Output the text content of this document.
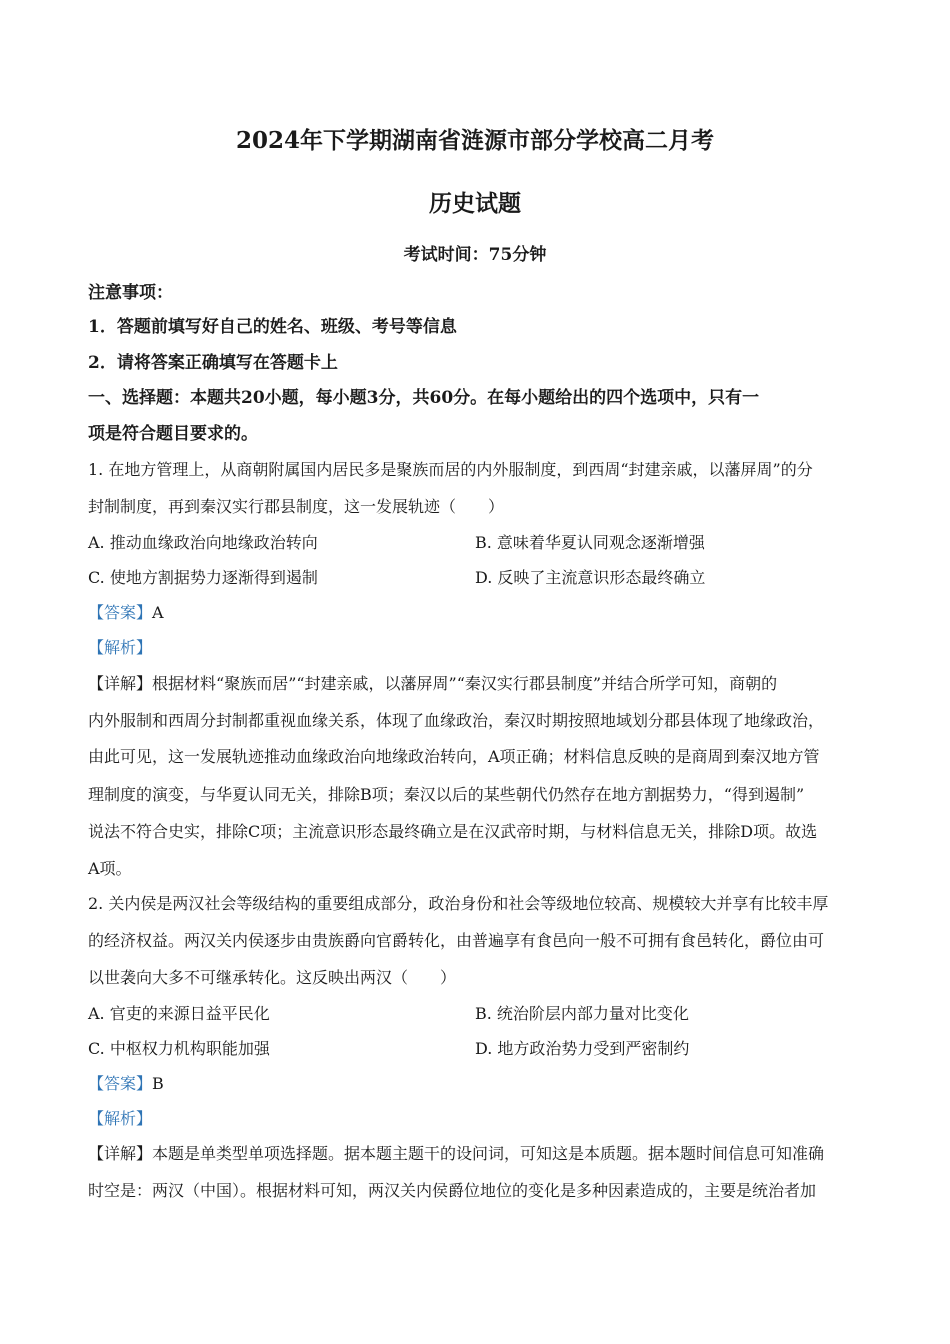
2024年下学期湖南省涟源市部分学校高二月考
历史试题
考试时间：75分钟
注意事项：
1．答题前填写好自己的姓名、班级、考号等信息
2．请将答案正确填写在答题卡上
一、选择题：本题共20小题，每小题3分，共60分。在每小题给出的四个选项中，只有一
项是符合题目要求的。
1. 在地方管理上，从商朝附属国内居民多是聚族而居的内外服制度，到西周“封建亲戚，以藩屏周”的分
封制制度，再到秦汉实行郡县制度，这一发展轨迹（　　）
A. 推动血缘政治向地缘政治转向	B. 意味着华夏认同观念逐渐增强
C. 使地方割据势力逐渐得到遏制	D. 反映了主流意识形态最终确立
【答案】A
【解析】
【详解】根据材料“聚族而居”“封建亲戚，以藩屏周”“秦汉实行郡县制度”并结合所学可知，商朝的
内外服制和西周分封制都重视血缘关系，体现了血缘政治，秦汉时期按照地域划分郡县体现了地缘政治，
由此可见，这一发展轨迹推动血缘政治向地缘政治转向，A项正确；材料信息反映的是商周到秦汉地方管
理制度的演变，与华夏认同无关，排除B项；秦汉以后的某些朝代仍然存在地方割据势力，“得到遏制”
说法不符合史实，排除C项；主流意识形态最终确立是在汉武帝时期，与材料信息无关，排除D项。故选
A项。
2. 关内侯是两汉社会等级结构的重要组成部分，政治身份和社会等级地位较高、规模较大并享有比较丰厚
的经济权益。两汉关内侯逐步由贵族爵向官爵转化，由普遍享有食邑向一般不可拥有食邑转化，爵位由可
以世袭向大多不可继承转化。这反映出两汉（　　）
A. 官吏的来源日益平民化	B. 统治阶层内部力量对比变化
C. 中枢权力机构职能加强	D. 地方政治势力受到严密制约
【答案】B
【解析】
【详解】本题是单类型单项选择题。据本题主题干的设问词，可知这是本质题。据本题时间信息可知准确
时空是：两汉（中国）。根据材料可知，两汉关内侯爵位地位的变化是多种因素造成的，主要是统治者加
